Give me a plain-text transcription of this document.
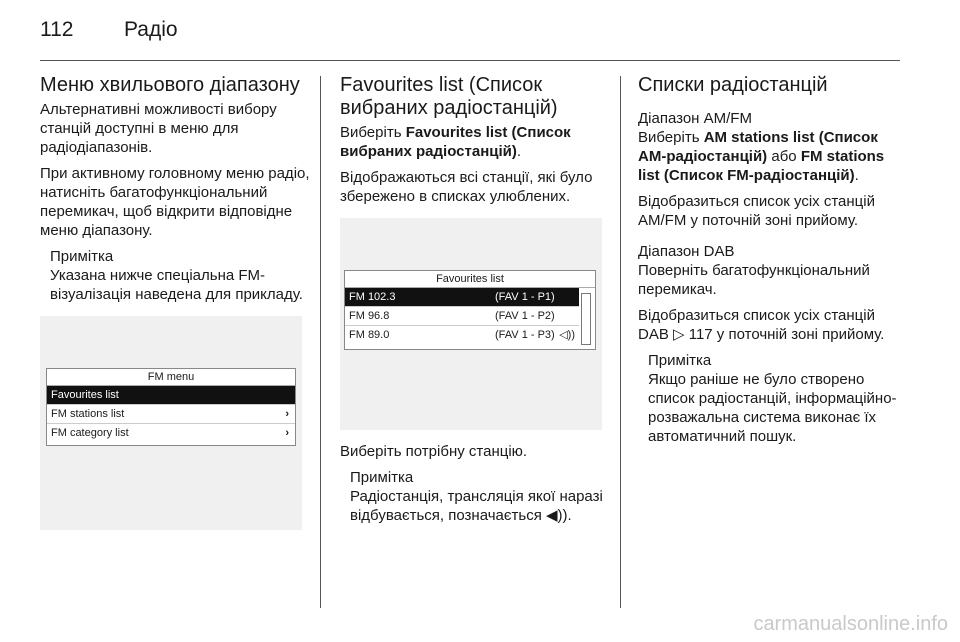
112 Радіо
Меню хвильового діапазону

Альтернативні можливості вибору станцій доступні в меню для радіодіапазонів.

При активному головному меню радіо, натисніть багатофункціональний перемикач, щоб відкрити відповідне меню діапазону.

Примітка
Указана нижче спеціальна FM-візуалізація наведена для прикладу.
FM menu
Favourites list
FM stations list	›
FM category list	›
Favourites list (Список вибраних радіостанцій)

Виберіть Favourites list (Список вибраних радіостанцій).

Відображаються всі станції, які було збережено в списках улюблених.

Favourites list
FM 102.3	(FAV 1 - P1)
FM 96.8	(FAV 1 - P2)
FM 89.0	(FAV 1 - P3) ◁))

Виберіть потрібну станцію.

Примітка
Радіостанція, трансляція якої наразі відбувається, позначається ◀)).
Списки радіостанцій
Діапазон AM/FM

Виберіть AM stations list (Список AM-радіостанцій) або FM stations list (Список FM-радіостанцій).

Відобразиться список усіх станцій AM/FM у поточній зоні прийому.

Діапазон DAB

Поверніть багатофункціональний перемикач.

Відобразиться список усіх станцій DAB ▷ 117 у поточній зоні прийому.

Примітка
Якщо раніше не було створено список радіостанцій, інформаційно-розважальна система виконає їх автоматичний пошук.
carmanualsonline.info
